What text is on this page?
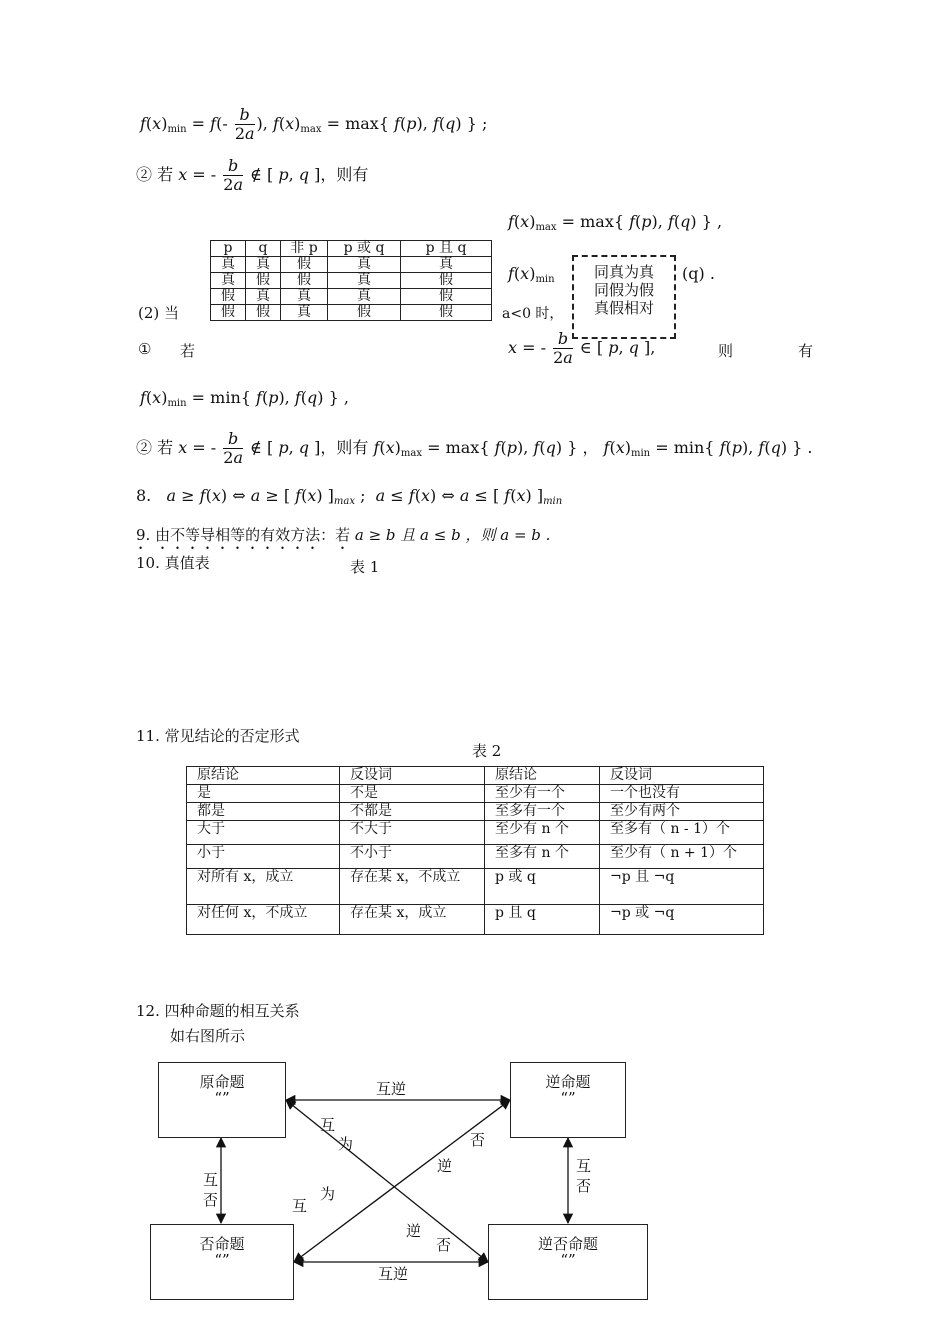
$f(x)_{min} = f(- \frac{b}{2a}$ ), $f(x)_{max} = \max${ f(p), f(q) } ;
② 若 x = - $\frac{b}{2a}$ ∉ [ p, q ]，则有
$f(x)_{max} = \max${ f(p), f(q) } ,
$f(x)_{min}$	(q) .
p	q	非 p	p 或 q	p 且 q
真	真	假	真	真
真	假	假	真	假
假	真	真	真	假
假	假	真	假	假
同真为真
同假为假
真假相对
(2) 当	a<0 时，
① 若	x = - $\frac{b}{2a}$ ∈ [ p, q ],	则	有
$f(x)_{min} = \min${ f(p), f(q) } ,
② 若 x = - $\frac{b}{2a}$ ∉ [ p, q ]，则有 $f(x)_{max} = \max${ f(p), f(q) } ， $f(x)_{min} = \min${ f(p), f(q) } .
8. a ≥ f(x) ⇔ a ≥ [ f(x) ]$_{max}$ ;  a ≤ f(x) ⇔ a ≤ [ f(x) ]$_{min}$
9. 由不等导相等的有效方法：若 a ≥ b 且 a ≤ b ，则 a = b .
10. 真值表	表 1
11. 常见结论的否定形式
表 2
原结论	反设词	原结论	反设词
是	不是	至少有一个	一个也没有
都是	不都是	至多有一个	至少有两个
大于	不大于	至少有 n 个	至多有（ n - 1）个
小于	不小于	至多有 n 个	至少有（ n + 1）个
对所有 x，成立	存在某 x，不成立	p 或 q	¬p 且 ¬q
对任何 x，不成立	存在某 x，成立	p 且 q	¬p 或 ¬q
12. 四种命题的相互关系
如右图所示
原命题
“”
逆命题
“”
否命题
“”
逆否命题
“”
互逆
互逆
互
否
互
否
互
为	否
逆
为
互
逆
否
